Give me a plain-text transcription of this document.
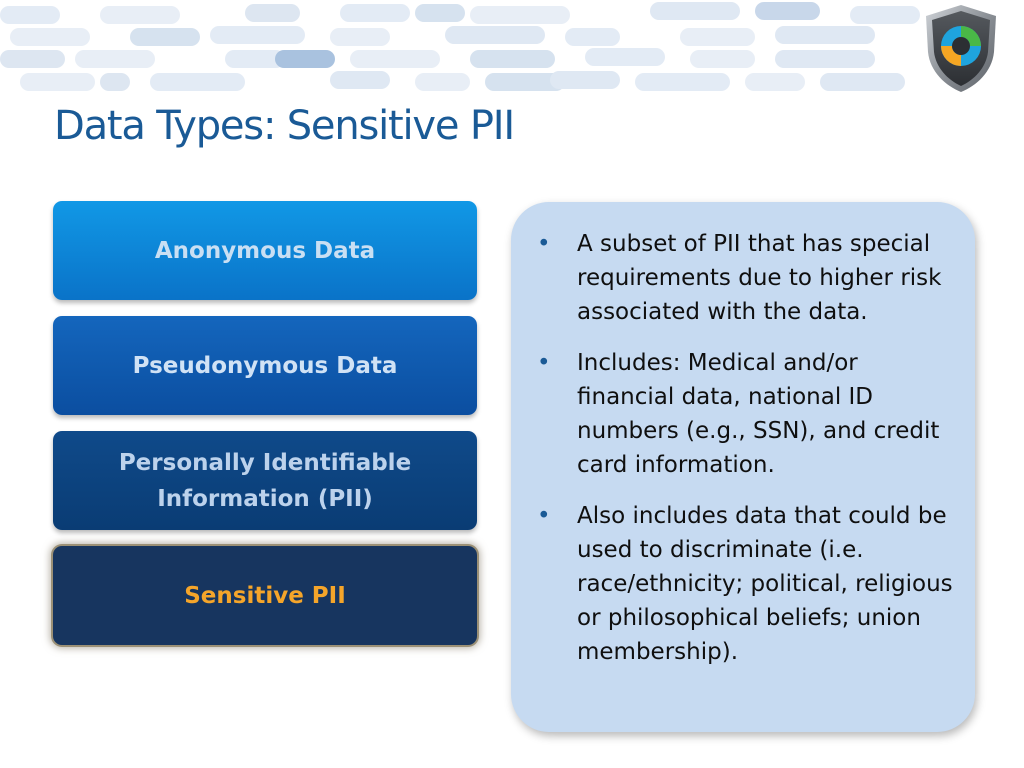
Data Types: Sensitive PII
Anonymous Data
Pseudonymous Data
Personally Identifiable Information (PII)
Sensitive PII
• A subset of PII that has special requirements due to higher risk associated with the data.
• Includes: Medical and/or financial data, national ID numbers (e.g., SSN), and credit card information.
• Also includes data that could be used to discriminate (i.e. race/ethnicity; political, religious or philosophical beliefs; union membership).
